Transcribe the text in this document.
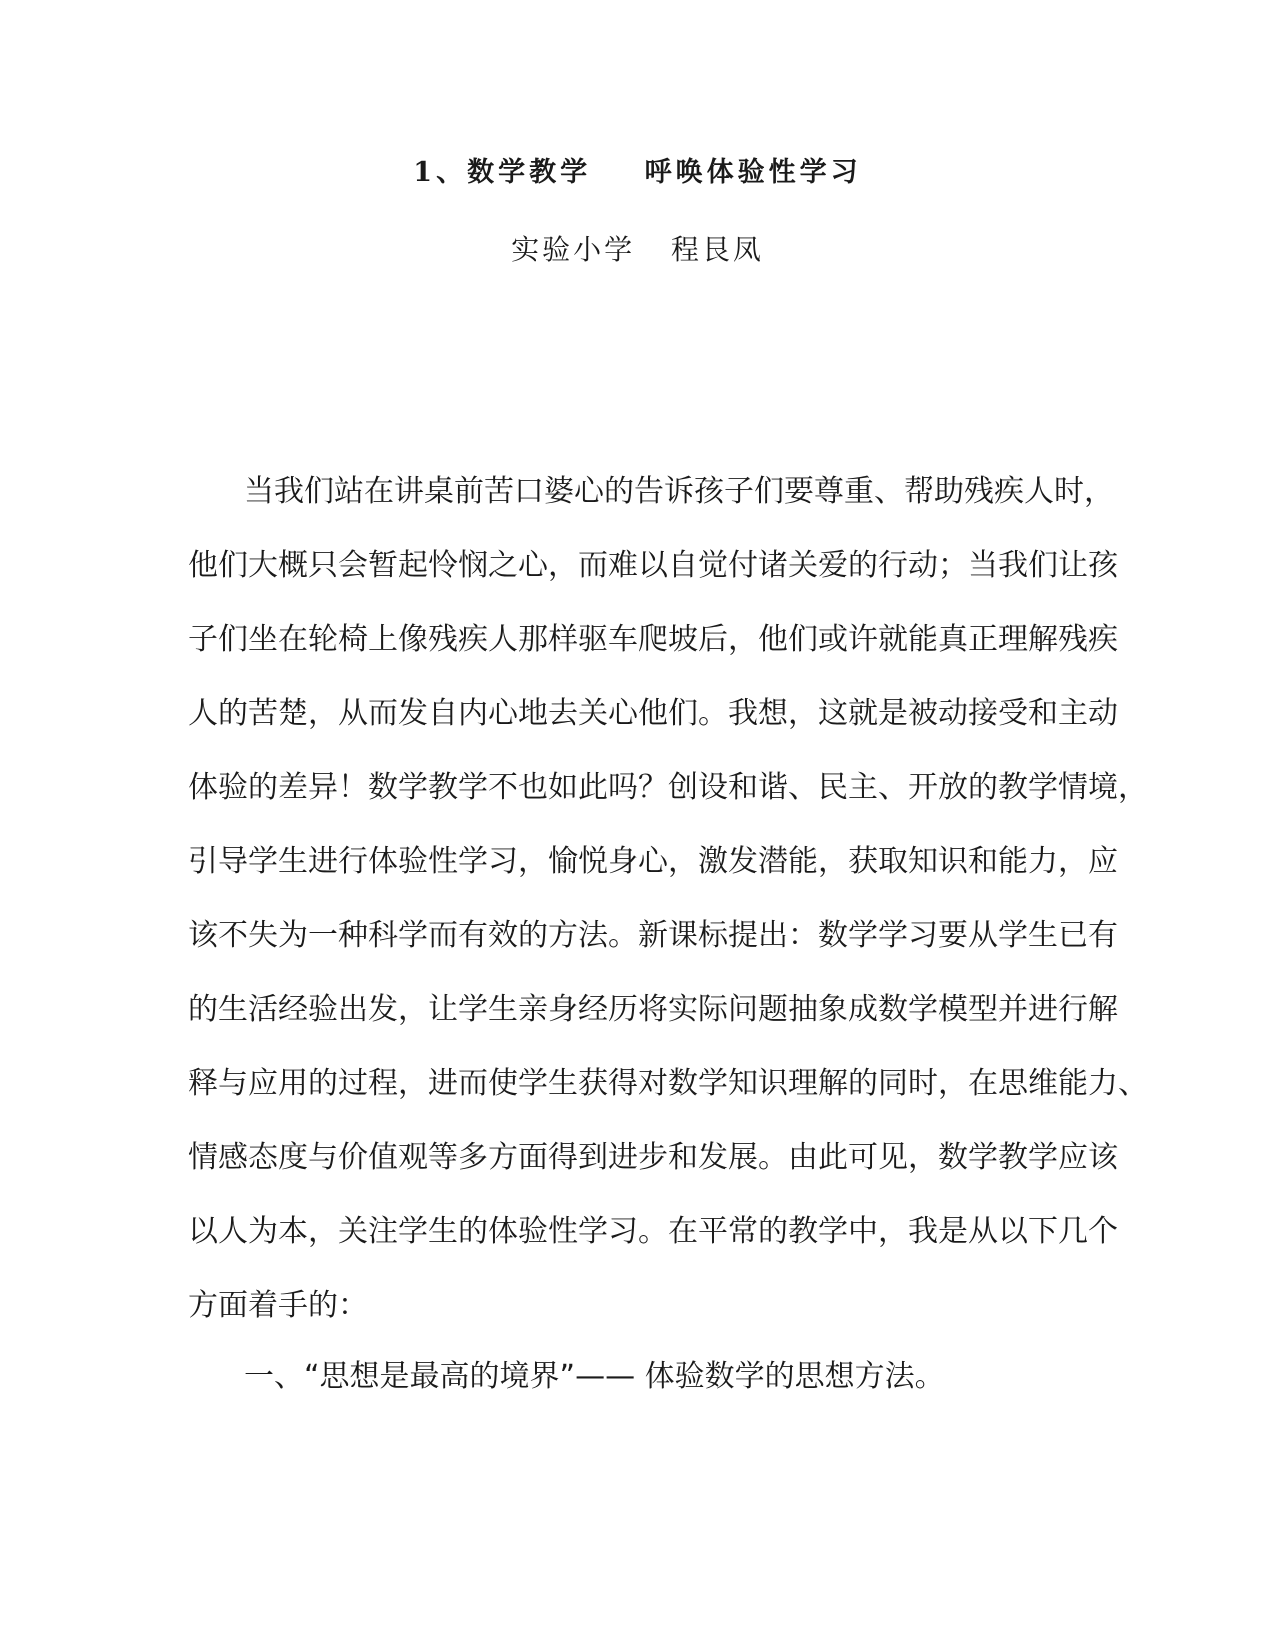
1、数学教学    呼唤体验性学习
实验小学   程艮凤
当我们站在讲桌前苦口婆心的告诉孩子们要尊重、帮助残疾人时，
他们大概只会暂起怜悯之心，而难以自觉付诸关爱的行动；当我们让孩
子们坐在轮椅上像残疾人那样驱车爬坡后，他们或许就能真正理解残疾
人的苦楚，从而发自内心地去关心他们。我想，这就是被动接受和主动
体验的差异！数学教学不也如此吗？创设和谐、民主、开放的教学情境，
引导学生进行体验性学习，愉悦身心，激发潜能，获取知识和能力，应
该不失为一种科学而有效的方法。新课标提出：数学学习要从学生已有
的生活经验出发，让学生亲身经历将实际问题抽象成数学模型并进行解
释与应用的过程，进而使学生获得对数学知识理解的同时，在思维能力、
情感态度与价值观等多方面得到进步和发展。由此可见，数学教学应该
以人为本，关注学生的体验性学习。在平常的教学中，我是从以下几个
方面着手的：
一、“思想是最高的境界”—— 体验数学的思想方法。
